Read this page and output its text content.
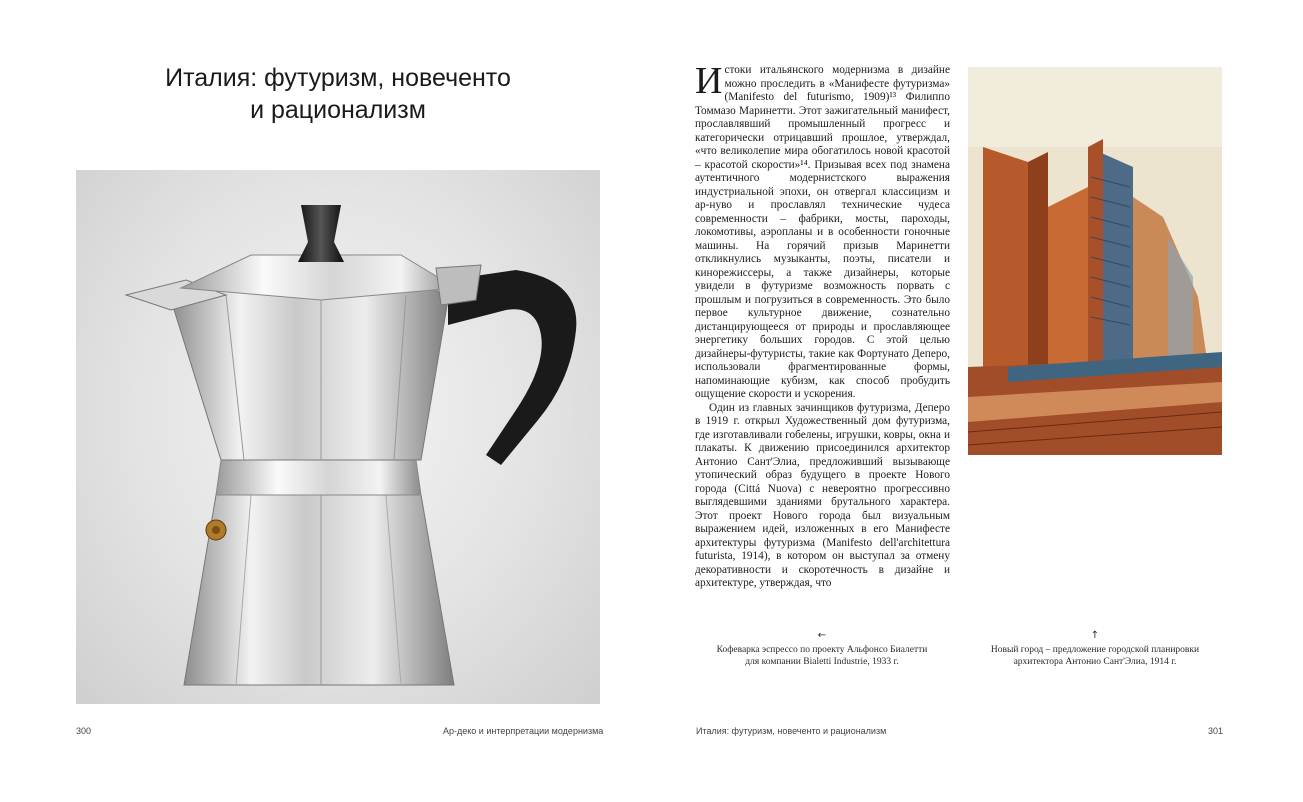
Италия: футуризм, новеченто
и рационализм
300	Ар-деко и интерпретации модернизма

Истоки итальянского модернизма в дизайне можно проследить в «Манифесте футуризма» (Manifesto del futurismo, 1909)¹³ Филиппо Томмазо Маринетти. Этот зажигательный манифест, прославлявший промышленный прогресс и категорически отрицавший прошлое, утверждал, «что великолепие мира обогатилось новой красотой – красотой скорости»¹⁴. Призывая всех под знамена аутентичного модернистского выражения индустриальной эпохи, он отвергал классицизм и ар-нуво и прославлял технические чудеса современности – фабрики, мосты, пароходы, локомотивы, аэропланы и в особенности гоночные машины. На горячий призыв Маринетти откликнулись музыканты, поэты, писатели и кинорежиссеры, а также дизайнеры, которые увидели в футуризме возможность порвать с прошлым и погрузиться в современность. Это было первое культурное движение, сознательно дистанцирующееся от природы и прославляющее энергетику больших городов. С этой целью дизайнеры-футуристы, такие как Фортунато Деперо, использовали фрагментированные формы, напоминающие кубизм, как способ пробудить ощущение скорости и ускорения.

Один из главных зачинщиков футуризма, Деперо в 1919 г. открыл Художественный дом футуризма, где изготавливали гобелены, игрушки, ковры, окна и плакаты. К движению присоединился архитектор Антонио Сант'Элиа, предложивший вызывающе утопический образ будущего в проекте Нового города (Cittá Nuova) с невероятно прогрессивно выглядевшими зданиями брутального характера. Этот проект Нового города был визуальным выражением идей, изложенных в его Манифесте архитектуры футуризма (Manifesto dell'architettura futurista, 1914), в котором он выступал за отмену декоративности и скоротечность в дизайне и архитектуре, утверждая, что

←
Кофеварка эспрессо по проекту Альфонсо Биалетти для компании Bialetti Industrie, 1933 г.
↑
Новый город – предложение городской планировки архитектора Антонио Сант'Элиа, 1914 г.
Италия: футуризм, новеченто и рационализм	301
